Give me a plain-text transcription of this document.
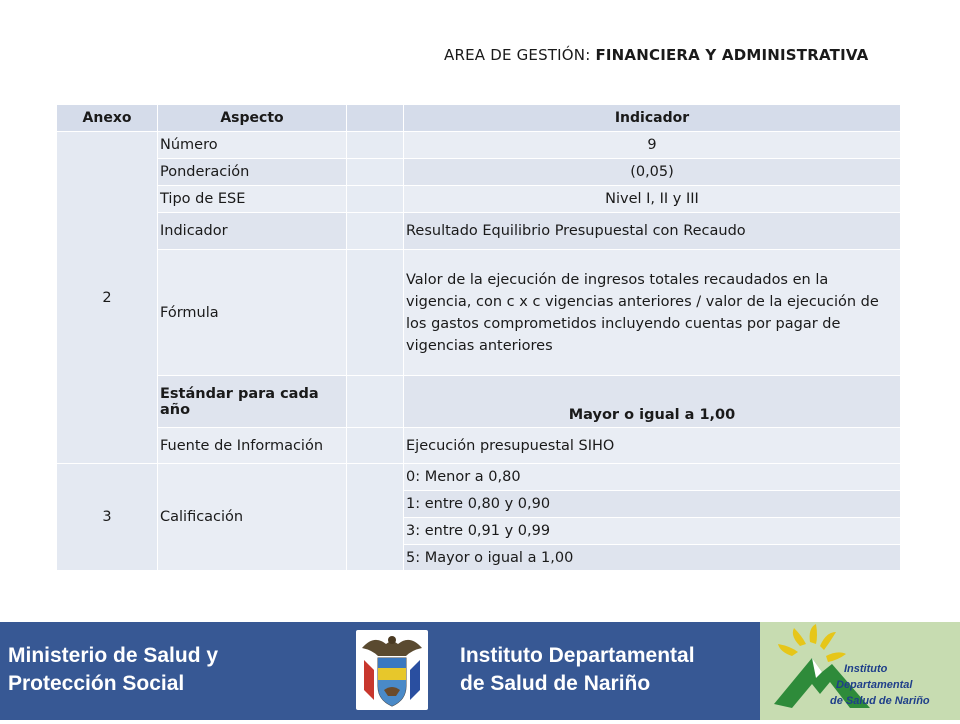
AREA DE GESTIÓN: FINANCIERA Y ADMINISTRATIVA
Anexo	Aspecto		Indicador
2	Número		9
	Ponderación		(0,05)
	Tipo de ESE		Nivel I, II y III
	Indicador		Resultado Equilibrio Presupuestal con Recaudo
	Fórmula		Valor de la ejecución de ingresos totales recaudados en la vigencia, con c x c vigencias anteriores / valor de la ejecución de los gastos comprometidos incluyendo cuentas por pagar de vigencias anteriores
	Estándar para cada año		Mayor o igual a 1,00
	Fuente de Información		Ejecución presupuestal SIHO
3	Calificación		0: Menor a 0,80
			1: entre 0,80 y 0,90
			3: entre 0,91 y 0,99
			5: Mayor o igual a 1,00
Ministerio de Salud y
Protección Social
Instituto Departamental
de Salud de Nariño
Instituto
Departamental
de Salud de Nariño
